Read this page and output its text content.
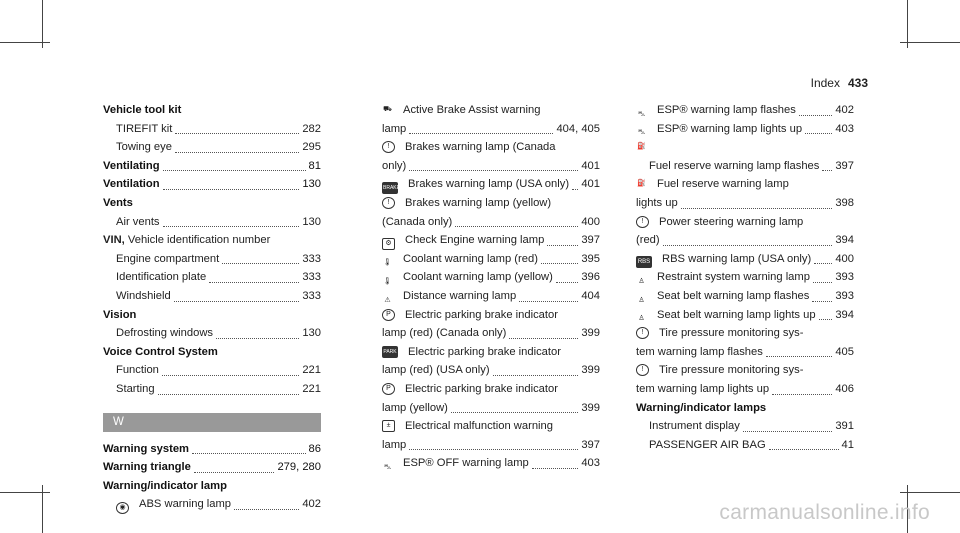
Index 433
Vehicle tool kit
TIREFIT kit	282
Towing eye	295
Ventilating	81
Ventilation	130
Vents
Air vents	130
VIN, Vehicle identification number
Engine compartment	333
Identification plate	333
Windshield	333
Vision
Defrosting windows	130
Voice Control System
Function	221
Starting	221
W
Warning system	86
Warning triangle	279, 280
Warning/indicator lamp
◉	ABS warning lamp	402
⛟ Active Brake Assist warning
lamp	404, 405
! Brakes warning lamp (Canada
only)	401
BRAKE Brakes warning lamp (USA only) 401
! Brakes warning lamp (yellow)
(Canada only)	400
⚙ Check Engine warning lamp	397
🌡 Coolant warning lamp (red)	395
🌡 Coolant warning lamp (yellow)	396
⚠ Distance warning lamp	404
P Electric parking brake indicator
lamp (red) (Canada only)	399
PARK Electric parking brake indicator
lamp (red) (USA only)	399
P Electric parking brake indicator
lamp (yellow)	399
± Electrical malfunction warning
lamp	397
⛍ ESP® OFF warning lamp	403
⛍ ESP® warning lamp flashes	402
⛍ ESP® warning lamp lights up	403
⛽
Fuel reserve warning lamp flashes 397
⛽ Fuel reserve warning lamp
lights up	398
! Power steering warning lamp
(red)	394
RBS RBS warning lamp (USA only) 400
♙ Restraint system warning lamp 393
♙ Seat belt warning lamp flashes 393
♙ Seat belt warning lamp lights up 394
! Tire pressure monitoring sys-
tem warning lamp flashes	405
! Tire pressure monitoring sys-
tem warning lamp lights up	406
Warning/indicator lamps
Instrument display	391
PASSENGER AIR BAG	41
carmanualsonline.info
